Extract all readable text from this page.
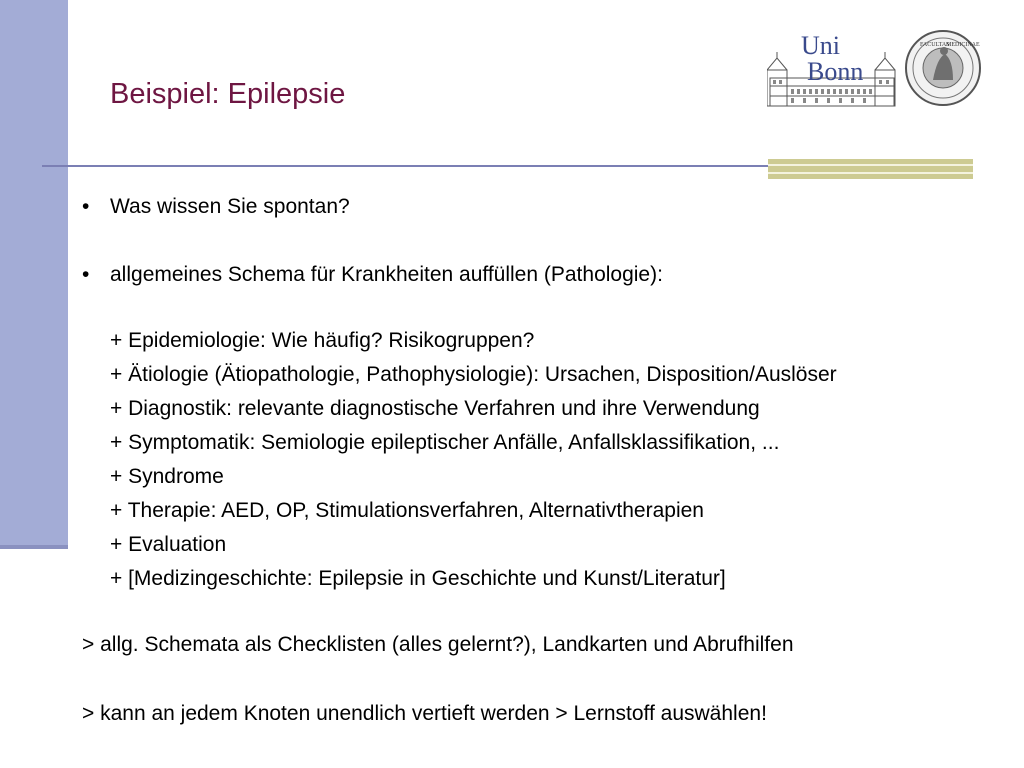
Beispiel: Epilepsie
Uni
Bonn
FACULTAS
MEDICINAE
• Was wissen Sie spontan?
• allgemeines Schema für Krankheiten auffüllen (Pathologie):
+ Epidemiologie: Wie häufig? Risikogruppen?
+ Ätiologie (Ätiopathologie, Pathophysiologie): Ursachen, Disposition/Auslöser
+ Diagnostik: relevante diagnostische Verfahren und ihre Verwendung
+ Symptomatik: Semiologie epileptischer Anfälle, Anfallsklassifikation, ...
+ Syndrome
+ Therapie: AED, OP, Stimulationsverfahren, Alternativtherapien
+ Evaluation
+ [Medizingeschichte: Epilepsie in Geschichte und Kunst/Literatur]
> allg. Schemata als Checklisten (alles gelernt?), Landkarten und Abrufhilfen
> kann an jedem Knoten unendlich vertieft werden > Lernstoff auswählen!
